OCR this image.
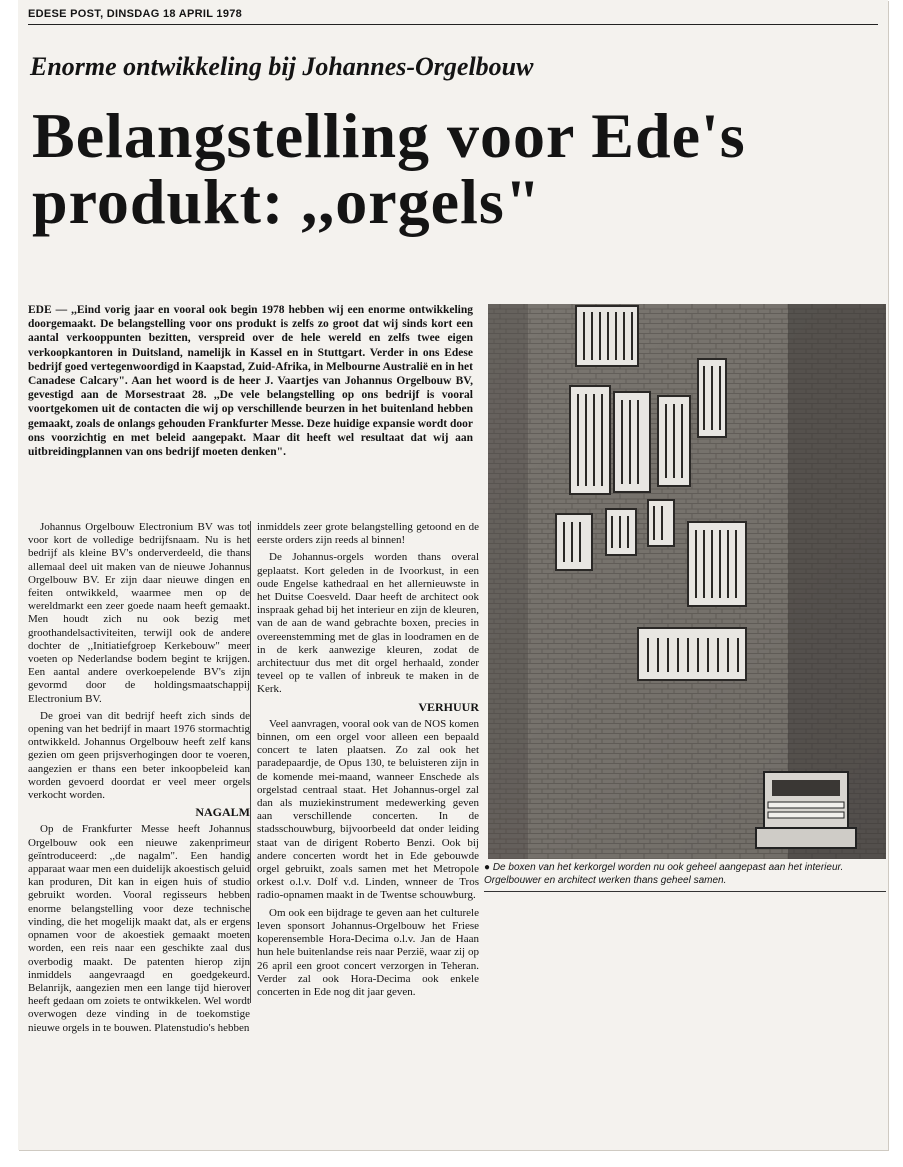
EDESE POST, DINSDAG 18 APRIL 1978
Enorme ontwikkeling bij Johannes-Orgelbouw
Belangstelling voor Ede's
produkt: ,,orgels"

EDE — ,,Eind vorig jaar en vooral ook begin 1978 hebben wij een enorme ontwikkeling doorgemaakt. De belangstelling voor ons produkt is zelfs zo groot dat wij sinds kort een aantal verkooppunten bezitten, verspreid over de hele wereld en zelfs twee eigen verkoopkantoren in Duitsland, namelijk in Kassel en in Stuttgart. Verder in ons Edese bedrijf goed vertegenwoordigd in Kaapstad, Zuid-Afrika, in Melbourne Australië en in het Canadese Calcary". Aan het woord is de heer J. Vaartjes van Johannus Orgelbouw BV, gevestigd aan de Morsestraat 28. ,,De vele belangstelling op ons bedrijf is vooral voortgekomen uit de contacten die wij op verschillende beurzen in het buitenland hebben gemaakt, zoals de onlangs gehouden Frankfurter Messe. Deze huidige expansie wordt door ons voorzichtig en met beleid aangepakt. Maar dit heeft wel resultaat dat wij aan uitbreidingplannen van ons bedrijf moeten denken".

Johannus Orgelbouw Electronium BV was tot voor kort de volledige bedrijfsnaam. Nu is het bedrijf als kleine BV's onderverdeeld, die thans allemaal deel uit maken van de nieuwe Johannus Orgelbouw BV. Er zijn daar nieuwe dingen en feiten ontwikkeld, waarmee men op de wereldmarkt een zeer goede naam heeft gemaakt. Men houdt zich nu ook bezig met groothandelsactiviteiten, terwijl ook de andere dochter de ,,Initiatiefgroep Kerkebouw" meer voeten op Nederlandse bodem begint te krijgen. Een aantal andere overkoepelende BV's zijn gevormd door de holdingsmaatschappij Electronium BV.

De groei van dit bedrijf heeft zich sinds de opening van het bedrijf in maart 1976 stormachtig ontwikkeld. Johannus Orgelbouw heeft zelf kans gezien om geen prijsverhogingen door te voeren, aangezien er thans een beter inkoopbeleid kan worden gevoerd doordat er veel meer orgels verkocht worden.

NAGALM

Op de Frankfurter Messe heeft Johannus Orgelbouw ook een nieuwe zakenprimeur geïntroduceerd: ,,de nagalm". Een handig apparaat waar men een duidelijk akoestisch geluid kan produren, Dit kan in eigen huis of studio gebruikt worden. Vooral regisseurs hebben enorme belangstelling voor deze technische vinding, die het mogelijk maakt dat, als er ergens opnamen voor de akoestiek gemaakt moeten worden, een reis naar een geschikte zaal dus overbodig maakt. De patenten hierop zijn inmiddels aangevraagd en goedgekeurd. Belanrijk, aangezien men een lange tijd hierover heeft gedaan om zoiets te ontwikkelen. Wel wordt overwogen deze vinding in de toekomstige nieuwe orgels in te bouwen. Platenstudio's hebben

inmiddels zeer grote belangstelling getoond en de eerste orders zijn reeds al binnen!

De Johannus-orgels worden thans overal geplaatst. Kort geleden in de Ivoorkust, in een oude Engelse kathedraal en het allernieuwste in het Duitse Coesveld. Daar heeft de architect ook inspraak gehad bij het interieur en zijn de kleuren, van de aan de wand gebrachte boxen, precies in overeenstemming met de glas in loodramen en de in de kerk aanwezige kleuren, zodat de architectuur dus met dit orgel herhaald, zonder teveel op te vallen of inbreuk te maken in de Kerk.

VERHUUR

Veel aanvragen, vooral ook van de NOS komen binnen, om een orgel voor alleen een bepaald concert te laten plaatsen. Zo zal ook het paradepaardje, de Opus 130, te beluisteren zijn in de komende mei-maand, wanneer Enschede als orgelstad centraal staat. Het Johannus-orgel zal dan als muziekinstrument medewerking geven aan verschillende concerten. In de stadsschouwburg, bijvoorbeeld dat onder leiding staat van de dirigent Roberto Benzi. Ook bij andere concerten wordt het in Ede gebouwde orgel gebruikt, zoals samen met het Metropole orkest o.l.v. Dolf v.d. Linden, wnneer de Tros radio-opnamen maakt in de Twentse schouwburg.

Om ook een bijdrage te geven aan het culturele leven sponsort Johannus-Orgelbouw het Friese koperensemble Hora-Decima o.l.v. Jan de Haan hun hele buitenlandse reis naar Perzië, waar zij op 26 april een groot concert verzorgen in Teheran. Verder zal ook Hora-Decima ook enkele concerten in Ede nog dit jaar geven.

● De boxen van het kerkorgel worden nu ook geheel aangepast aan het interieur. Orgelbouwer en architect werken thans geheel samen.
